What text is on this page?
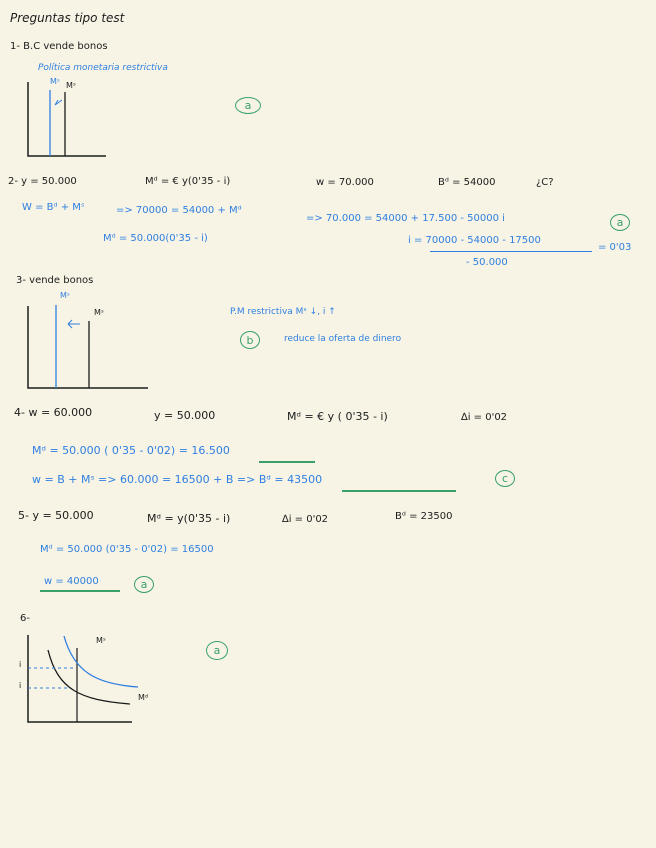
Preguntas tipo test
1- B.C vende bonos
Política monetaria restrictiva
Mˢ Mˢ
a
2- y = 50.000	Mᵈ = € y(0'35 - i)	w = 70.000	Bᵈ = 54000	¿C?
W = Bᵈ + Mˢ	=> 70000 = 54000 + Mᵈ
=> 70.000 = 54000 + 17.500 - 50000 i	a
Mᵈ = 50.000(0'35 - i)	i = 70000 - 54000 - 17500
- 50.000
= 0'03
3- vende bonos
Mˢ
Mˢ	P.M restrictiva Mˢ ↓, i ↑
b	reduce la oferta de dinero
4- w = 60.000	y = 50.000	Mᵈ = € y ( 0'35 - i)	∆i = 0'02
Mᵈ = 50.000 ( 0'35 - 0'02) = 16.500
w = B + Mˢ => 60.000 = 16500 + B => Bᵈ = 43500	c
5- y = 50.000	Mᵈ = y(0'35 - i)	∆i = 0'02	Bᵈ = 23500
Mᵈ = 50.000 (0'35 - 0'02) = 16500
w = 40000	a
6-
Mˢ
Mᵈ
i
i
a
